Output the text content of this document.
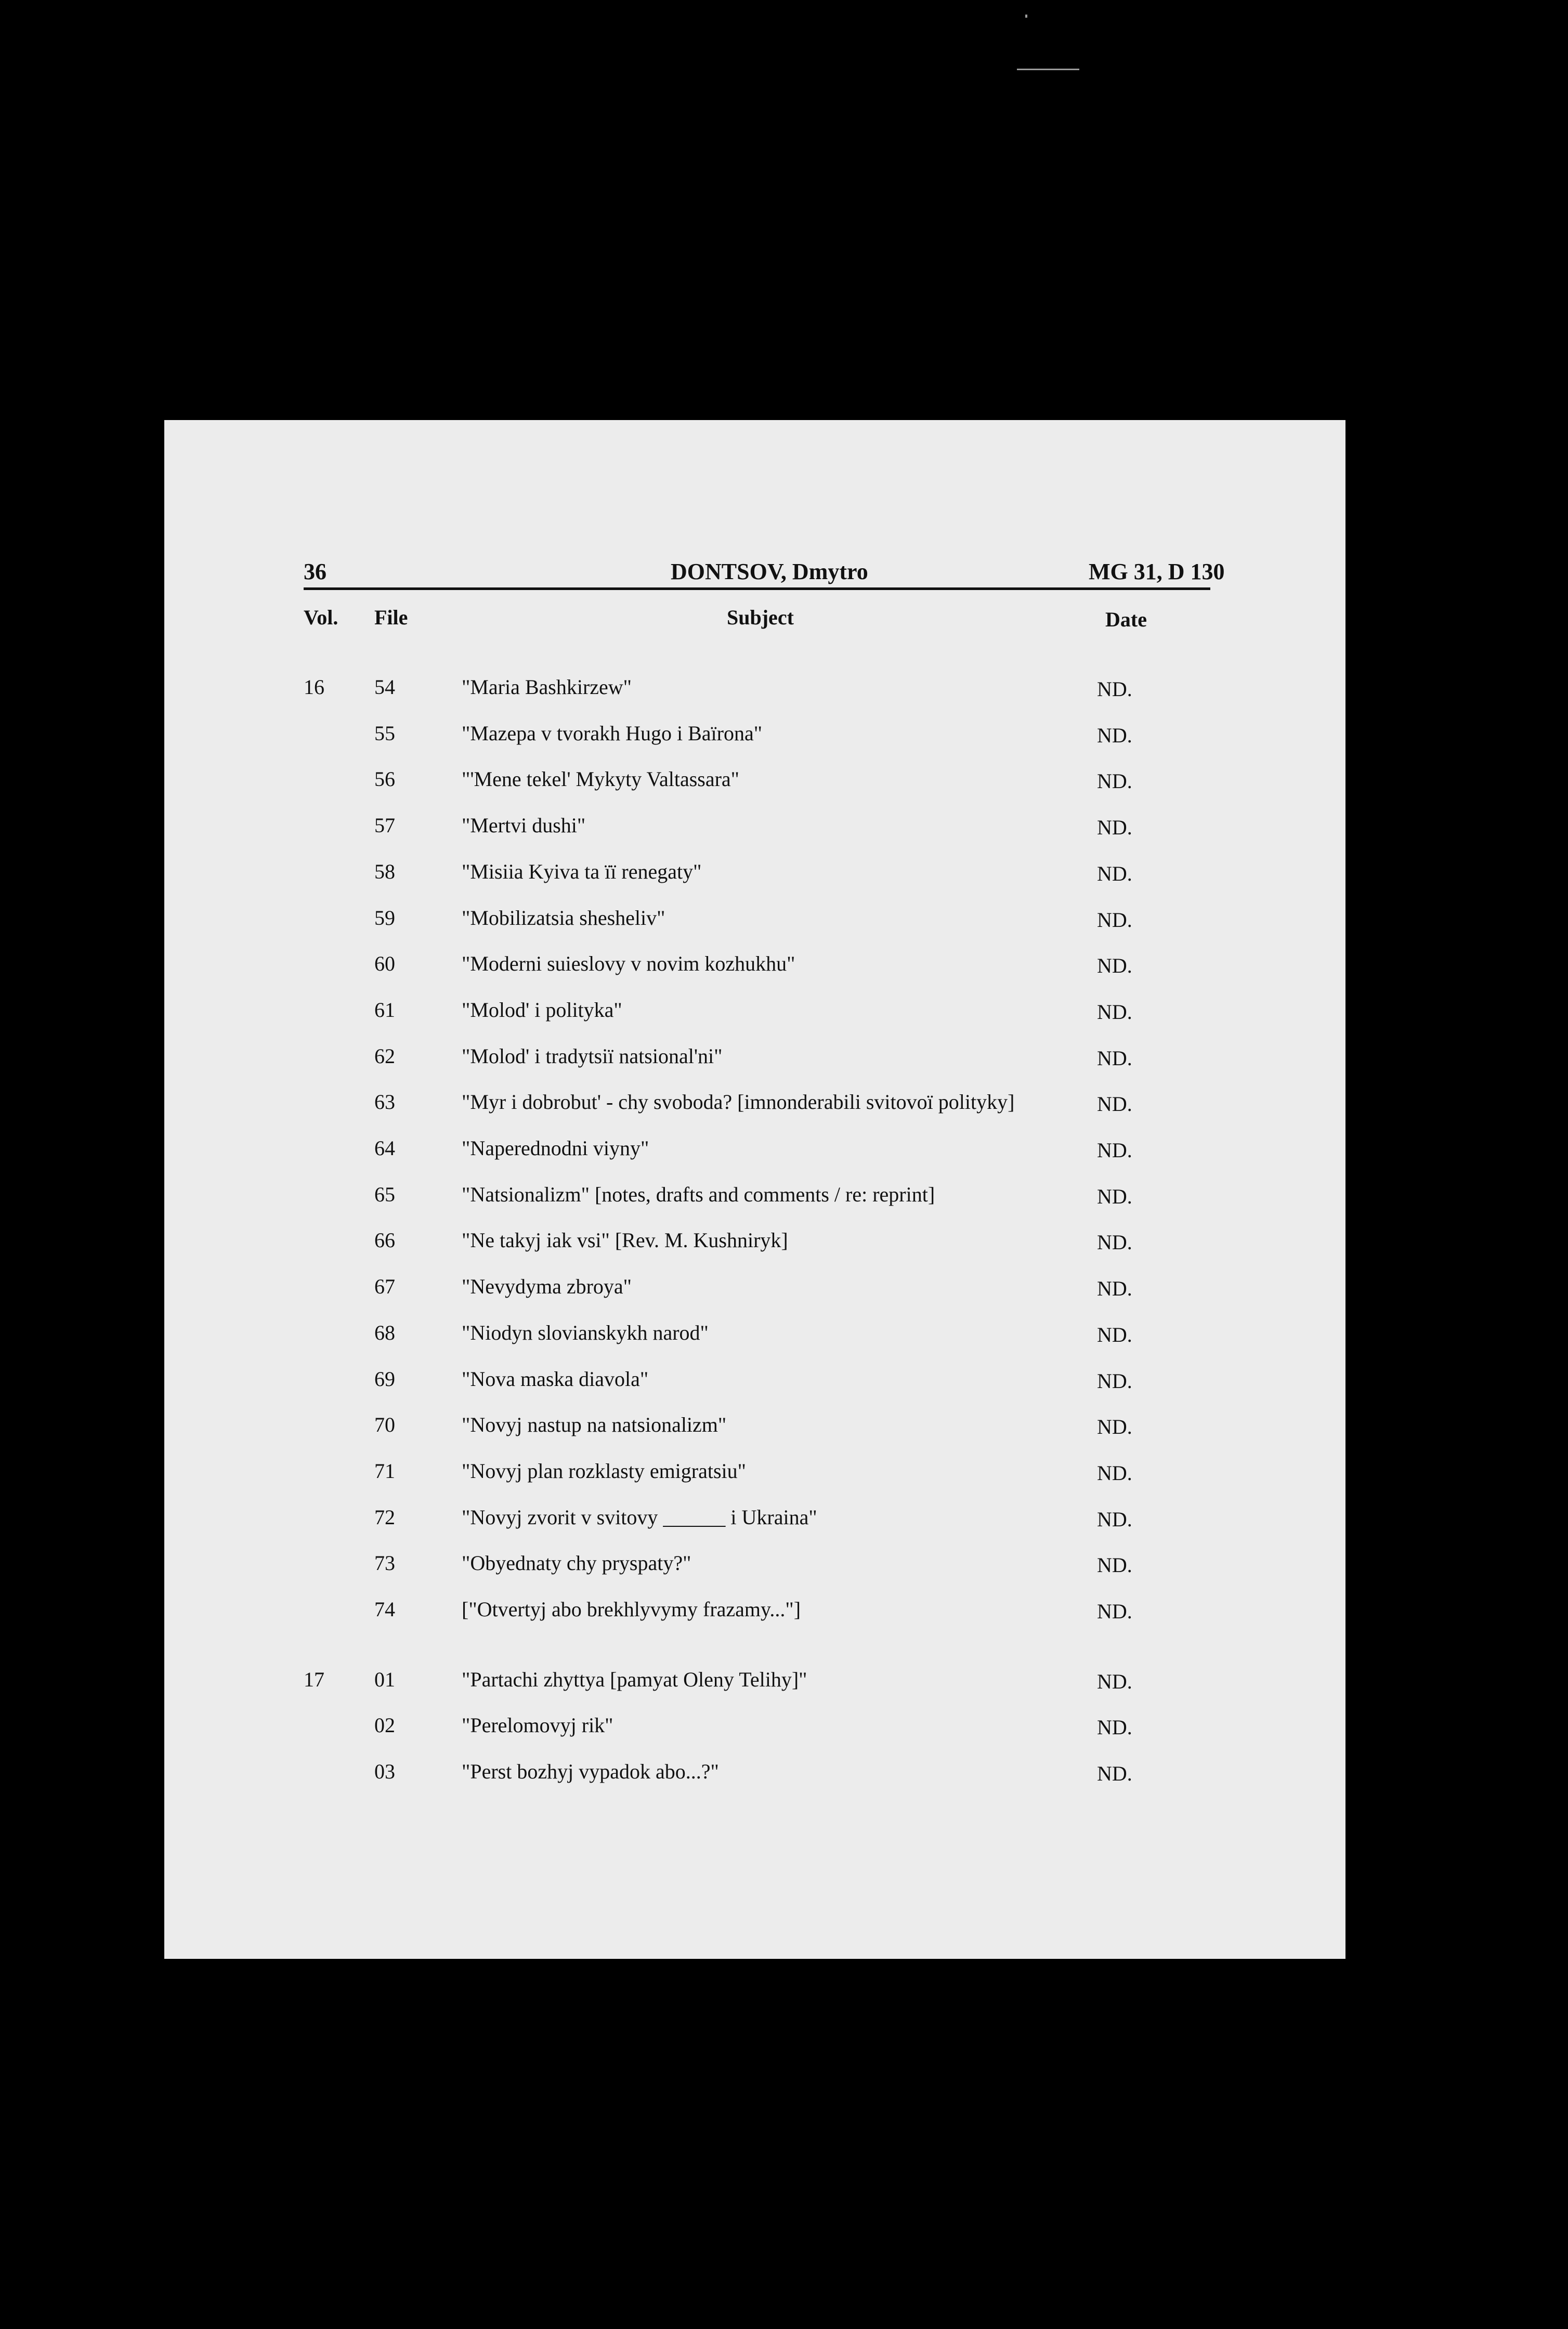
36	DONTSOV, Dmytro	MG 31, D 130
Vol. File	Subject	Date
16 54	"Maria Bashkirzew"	ND.
55	"Mazepa v tvorakh Hugo i Baïrona"	ND.
56	"'Mene tekel' Mykyty Valtassara"	ND.
57	"Mertvi dushi"	ND.
58	"Misiia Kyiva ta ïï renegaty"	ND.
59	"Mobilizatsia shesheliv"	ND.
60	"Moderni suieslovy v novim kozhukhu"	ND.
61	"Molod' i polityka"	ND.
62	"Molod' i tradytsiï natsional'ni"	ND.
63	"Myr i dobrobut' - chy svoboda? [imnonderabili svitovoï polityky]	ND.
64	"Naperednodni viyny"	ND.
65	"Natsionalizm" [notes, drafts and comments / re: reprint]	ND.
66	"Ne takyj iak vsi" [Rev. M. Kushniryk]	ND.
67	"Nevydyma zbroya"	ND.
68	"Niodyn slovianskykh narod"	ND.
69	"Nova maska diavola"	ND.
70	"Novyj nastup na natsionalizm"	ND.
71	"Novyj plan rozklasty emigratsiu"	ND.
72	"Novyj zvorit v svitovy ______ i Ukraina"	ND.
73	"Obyednaty chy pryspaty?"	ND.
74	["Otvertyj abo brekhlyvymy frazamy..."]	ND.
17 01	"Partachi zhyttya [pamyat Oleny Telihy]"	ND.
02	"Perelomovyj rik"	ND.
03	"Perst bozhyj vypadok abo...?"	ND.
